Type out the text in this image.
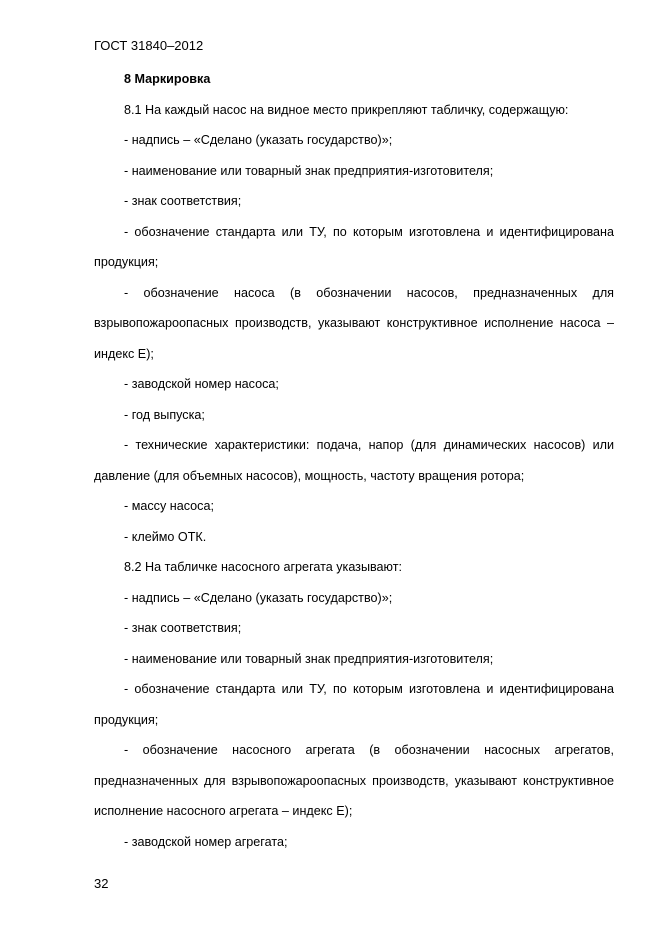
ГОСТ 31840–2012

8 Маркировка

8.1 На каждый насос на видное место прикрепляют табличку, содержащую:

- надпись – «Сделано (указать государство)»;

- наименование или товарный знак предприятия-изготовителя;

- знак соответствия;

- обозначение стандарта или ТУ, по которым изготовлена и идентифицирована продукция;

- обозначение насоса (в обозначении насосов, предназначенных для взрывопожароопасных производств, указывают конструктивное исполнение насоса – индекс Е);

- заводской номер насоса;

- год выпуска;

- технические характеристики: подача, напор (для динамических насосов) или давление (для объемных насосов), мощность, частоту вращения ротора;

- массу насоса;

- клеймо ОТК.

8.2 На табличке насосного агрегата указывают:

- надпись – «Сделано (указать государство)»;

- знак соответствия;

- наименование или товарный знак предприятия-изготовителя;

- обозначение стандарта или ТУ, по которым изготовлена и идентифицирована продукция;

- обозначение насосного агрегата (в обозначении насосных агрегатов, предназначенных для взрывопожароопасных производств, указывают конструктивное исполнение насосного агрегата – индекс Е);

- заводской номер агрегата;

32
